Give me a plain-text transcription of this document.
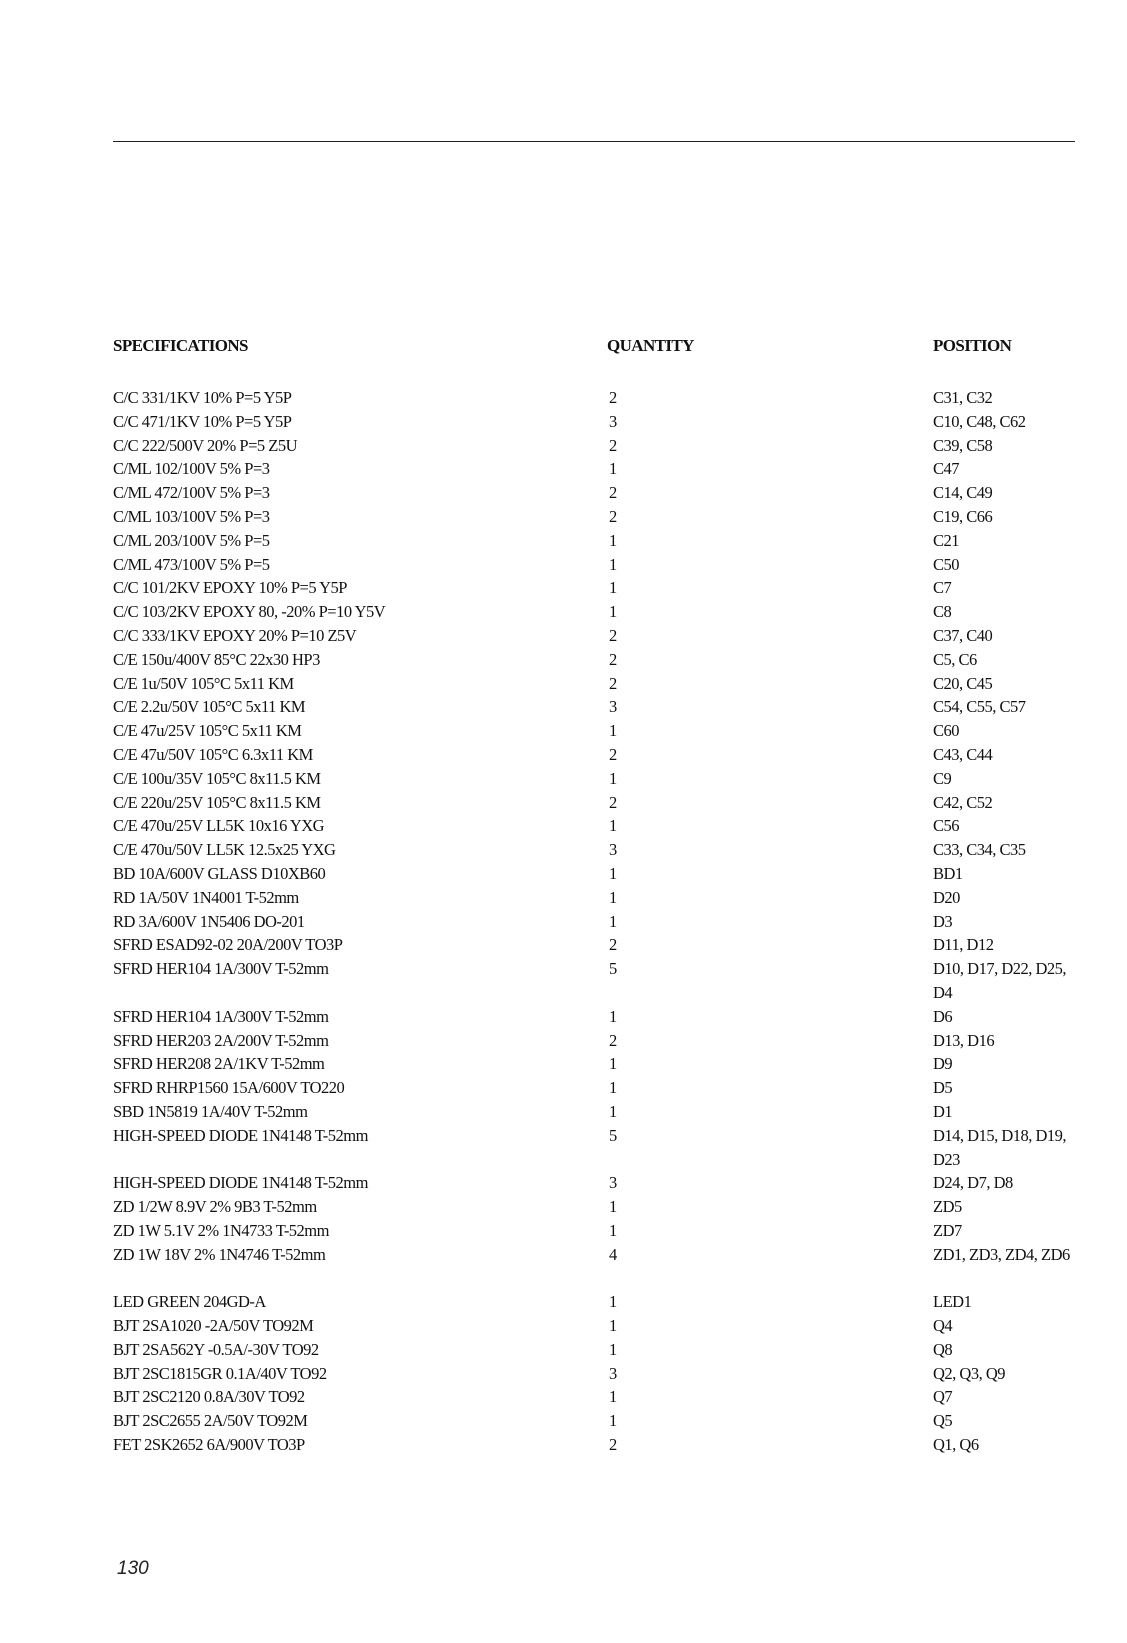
SPECIFICATIONS	QUANTITY	POSITION
C/C 331/1KV 10% P=5 Y5P	2	C31, C32
C/C 471/1KV 10% P=5 Y5P	3	C10, C48, C62
C/C 222/500V 20% P=5 Z5U	2	C39, C58
C/ML 102/100V 5% P=3	1	C47
C/ML 472/100V 5% P=3	2	C14, C49
C/ML 103/100V 5% P=3	2	C19, C66
C/ML 203/100V 5% P=5	1	C21
C/ML 473/100V 5% P=5	1	C50
C/C 101/2KV EPOXY 10% P=5 Y5P	1	C7
C/C 103/2KV EPOXY 80, -20% P=10 Y5V	1	C8
C/C 333/1KV EPOXY 20% P=10 Z5V	2	C37, C40
C/E 150u/400V 85°C 22x30 HP3	2	C5, C6
C/E 1u/50V 105°C 5x11 KM	2	C20, C45
C/E 2.2u/50V 105°C 5x11 KM	3	C54, C55, C57
C/E 47u/25V 105°C 5x11 KM	1	C60
C/E 47u/50V 105°C 6.3x11 KM	2	C43, C44
C/E 100u/35V 105°C 8x11.5 KM	1	C9
C/E 220u/25V 105°C 8x11.5 KM	2	C42, C52
C/E 470u/25V LL5K 10x16 YXG	1	C56
C/E 470u/50V LL5K 12.5x25 YXG	3	C33, C34, C35
BD 10A/600V GLASS D10XB60	1	BD1
RD 1A/50V 1N4001 T-52mm	1	D20
RD 3A/600V 1N5406 DO-201	1	D3
SFRD ESAD92-02 20A/200V TO3P	2	D11, D12
SFRD HER104 1A/300V T-52mm	5	D10, D17, D22, D25, D4
SFRD HER104 1A/300V T-52mm	1	D6
SFRD HER203 2A/200V T-52mm	2	D13, D16
SFRD HER208 2A/1KV T-52mm	1	D9
SFRD RHRP1560 15A/600V TO220	1	D5
SBD 1N5819 1A/40V T-52mm	1	D1
HIGH-SPEED DIODE 1N4148 T-52mm	5	D14, D15, D18, D19, D23
HIGH-SPEED DIODE 1N4148 T-52mm	3	D24, D7, D8
ZD 1/2W 8.9V 2% 9B3 T-52mm	1	ZD5
ZD 1W 5.1V 2% 1N4733 T-52mm	1	ZD7
ZD 1W 18V 2% 1N4746 T-52mm	4	ZD1, ZD3, ZD4, ZD6
LED GREEN 204GD-A	1	LED1
BJT 2SA1020 -2A/50V TO92M	1	Q4
BJT 2SA562Y -0.5A/-30V TO92	1	Q8
BJT 2SC1815GR 0.1A/40V TO92	3	Q2, Q3, Q9
BJT 2SC2120 0.8A/30V TO92	1	Q7
BJT 2SC2655 2A/50V TO92M	1	Q5
FET 2SK2652 6A/900V TO3P	2	Q1, Q6
130
